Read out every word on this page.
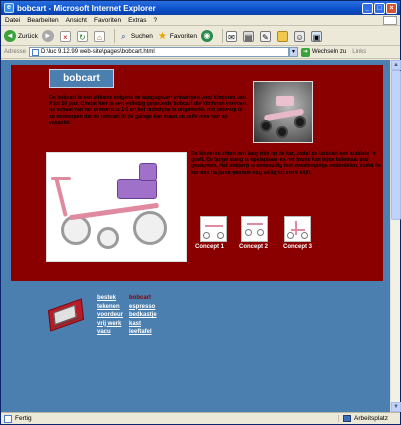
e bobcart - Microsoft Internet Explorer	_	□	×
Datei Bearbeiten Ansicht Favoriten Extras ?
◄ Zurück ►	×	↻	⌂	⌕ Suchen ★ Favoriten ◉	✉ ▤ ✎	☺ ▣
Adresse	D:\luc 9.12.99 web-site\pages\bobcart.html	▾	➜ Wechseln zu Links
bobcart

De bobcart is een zitkarre volgens de aangegeven ontwerpen voor kinderen van 4 tot 10 jaar. Omdat hier is een volledig gebouwde bobcart die kinderen vervoert, de schaal van het ontwerp is 1:1 en het prototype is uitgewerkt. Het ontwerp is zo ontworpen dat de bobcart in de garage kan staan en zelfs mee kan op vakantie.

De kinderen zitten een laag zitje op de kar, zodat de bobcart een stabiele rit geeft. De lange stang is opklapbaar en het frame kan bijna helemaal plat gevouwen. Het ontwerp is eenvoudig met enkelvoudige onderdelen, zodat de kar ook na jaren gebruik nog veilig en sterk blijft.

Concept 1 Concept 2 Concept 3
bestek
tekenen
voordeur
vrij werk
vacu
bobcart
espresso
bedkastje
kast
leeftafel
▲
▼
Fertig	Arbeitsplatz
